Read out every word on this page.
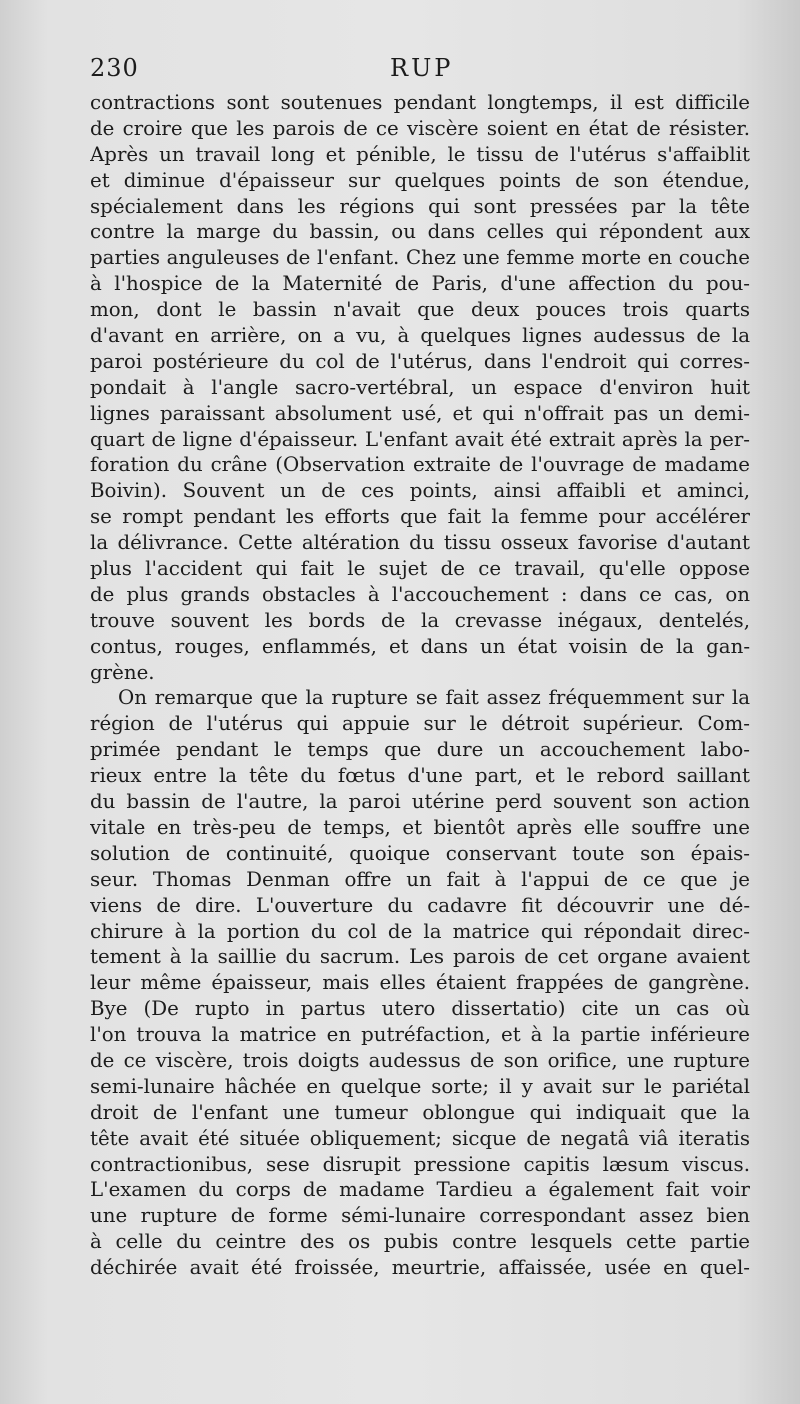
230	RUP
contractions sont soutenues pendant longtemps, il est difficile
de croire que les parois de ce viscère soient en état de résister.
Après un travail long et pénible, le tissu de l'utérus s'affaiblit
et diminue d'épaisseur sur quelques points de son étendue,
spécialement dans les régions qui sont pressées par la tête
contre la marge du bassin, ou dans celles qui répondent aux
parties anguleuses de l'enfant. Chez une femme morte en couche
à l'hospice de la Maternité de Paris, d'une affection du pou-
mon, dont le bassin n'avait que deux pouces trois quarts
d'avant en arrière, on a vu, à quelques lignes audessus de la
paroi postérieure du col de l'utérus, dans l'endroit qui corres-
pondait à l'angle sacro-vertébral, un espace d'environ huit
lignes paraissant absolument usé, et qui n'offrait pas un demi-
quart de ligne d'épaisseur. L'enfant avait été extrait après la per-
foration du crâne (Observation extraite de l'ouvrage de madame
Boivin). Souvent un de ces points, ainsi affaibli et aminci,
se rompt pendant les efforts que fait la femme pour accélérer
la délivrance. Cette altération du tissu osseux favorise d'autant
plus l'accident qui fait le sujet de ce travail, qu'elle oppose
de plus grands obstacles à l'accouchement : dans ce cas, on
trouve souvent les bords de la crevasse inégaux, dentelés,
contus, rouges, enflammés, et dans un état voisin de la gan-
grène.
On remarque que la rupture se fait assez fréquemment sur la
région de l'utérus qui appuie sur le détroit supérieur. Com-
primée pendant le temps que dure un accouchement labo-
rieux entre la tête du fœtus d'une part, et le rebord saillant
du bassin de l'autre, la paroi utérine perd souvent son action
vitale en très-peu de temps, et bientôt après elle souffre une
solution de continuité, quoique conservant toute son épais-
seur. Thomas Denman offre un fait à l'appui de ce que je
viens de dire. L'ouverture du cadavre fit découvrir une dé-
chirure à la portion du col de la matrice qui répondait direc-
tement à la saillie du sacrum. Les parois de cet organe avaient
leur même épaisseur, mais elles étaient frappées de gangrène.
Bye (De rupto in partus utero dissertatio) cite un cas où
l'on trouva la matrice en putréfaction, et à la partie inférieure
de ce viscère, trois doigts audessus de son orifice, une rupture
semi-lunaire hâchée en quelque sorte; il y avait sur le pariétal
droit de l'enfant une tumeur oblongue qui indiquait que la
tête avait été située obliquement; sicque de negatâ viâ iteratis
contractionibus, sese disrupit pressione capitis læsum viscus.
L'examen du corps de madame Tardieu a également fait voir
une rupture de forme sémi-lunaire correspondant assez bien
à celle du ceintre des os pubis contre lesquels cette partie
déchirée avait été froissée, meurtrie, affaissée, usée en quel-
